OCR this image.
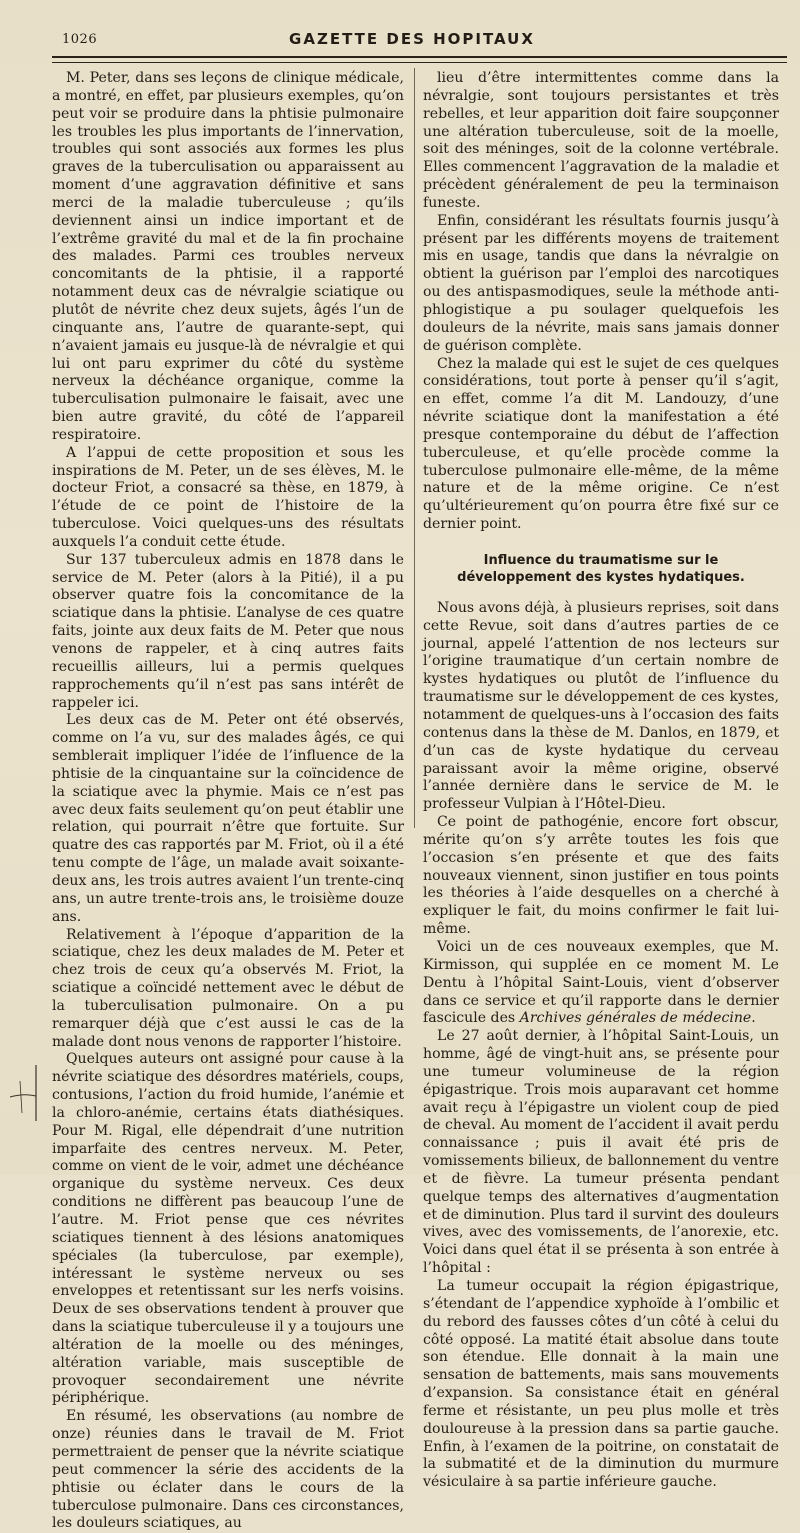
1026	GAZETTE DES HOPITAUX

M. Peter, dans ses leçons de clinique médicale, a montré, en effet, par plusieurs exemples, qu’on peut voir se produire dans la phtisie pulmonaire les troubles les plus importants de l’innervation, troubles qui sont associés aux formes les plus graves de la tuberculisation ou apparaissent au moment d’une aggravation définitive et sans merci de la maladie tuberculeuse ; qu’ils deviennent ainsi un indice important et de l’extrême gravité du mal et de la fin prochaine des malades. Parmi ces troubles nerveux concomitants de la phtisie, il a rapporté notamment deux cas de névralgie sciatique ou plutôt de névrite chez deux sujets, âgés l’un de cinquante ans, l’autre de quarante-sept, qui n’avaient jamais eu jusque-là de névralgie et qui lui ont paru exprimer du côté du système nerveux la déchéance organique, comme la tuberculisation pulmonaire le faisait, avec une bien autre gravité, du côté de l’appareil respiratoire.

A l’appui de cette proposition et sous les inspirations de M. Peter, un de ses élèves, M. le docteur Friot, a consacré sa thèse, en 1879, à l’étude de ce point de l’histoire de la tuberculose. Voici quelques-uns des résultats auxquels l’a conduit cette étude.

Sur 137 tuberculeux admis en 1878 dans le service de M. Peter (alors à la Pitié), il a pu observer quatre fois la concomitance de la sciatique dans la phtisie. L’analyse de ces quatre faits, jointe aux deux faits de M. Peter que nous venons de rappeler, et à cinq autres faits recueillis ailleurs, lui a permis quelques rapprochements qu’il n’est pas sans intérêt de rappeler ici.

Les deux cas de M. Peter ont été observés, comme on l’a vu, sur des malades âgés, ce qui semblerait impliquer l’idée de l’influence de la phtisie de la cinquantaine sur la coïncidence de la sciatique avec la phymie. Mais ce n’est pas avec deux faits seulement qu’on peut établir une relation, qui pourrait n’être que fortuite. Sur quatre des cas rapportés par M. Friot, où il a été tenu compte de l’âge, un malade avait soixante-deux ans, les trois autres avaient l’un trente-cinq ans, un autre trente-trois ans, le troisième douze ans.

Relativement à l’époque d’apparition de la sciatique, chez les deux malades de M. Peter et chez trois de ceux qu’a observés M. Friot, la sciatique a coïncidé nettement avec le début de la tuberculisation pulmonaire. On a pu remarquer déjà que c’est aussi le cas de la malade dont nous venons de rapporter l’histoire.

Quelques auteurs ont assigné pour cause à la névrite sciatique des désordres matériels, coups, contusions, l’action du froid humide, l’anémie et la chloro-anémie, certains états diathésiques. Pour M. Rigal, elle dépendrait d’une nutrition imparfaite des centres nerveux. M. Peter, comme on vient de le voir, admet une déchéance organique du système nerveux. Ces deux conditions ne diffèrent pas beaucoup l’une de l’autre. M. Friot pense que ces névrites sciatiques tiennent à des lésions anatomiques spéciales (la tuberculose, par exemple), intéressant le système nerveux ou ses enveloppes et retentissant sur les nerfs voisins. Deux de ses observations tendent à prouver que dans la sciatique tuberculeuse il y a toujours une altération de la moelle ou des méninges, altération variable, mais susceptible de provoquer secondairement une névrite périphérique.

En résumé, les observations (au nombre de onze) réunies dans le travail de M. Friot permettraient de penser que la névrite sciatique peut commencer la série des accidents de la phtisie ou éclater dans le cours de la tuberculose pulmonaire. Dans ces circonstances, les douleurs sciatiques, au

lieu d’être intermittentes comme dans la névralgie, sont toujours persistantes et très rebelles, et leur apparition doit faire soupçonner une altération tuberculeuse, soit de la moelle, soit des méninges, soit de la colonne vertébrale. Elles commencent l’aggravation de la maladie et précèdent généralement de peu la terminaison funeste.

Enfin, considérant les résultats fournis jusqu’à présent par les différents moyens de traitement mis en usage, tandis que dans la névralgie on obtient la guérison par l’emploi des narcotiques ou des antispasmodiques, seule la méthode anti-phlogistique a pu soulager quelquefois les douleurs de la névrite, mais sans jamais donner de guérison complète.

Chez la malade qui est le sujet de ces quelques considérations, tout porte à penser qu’il s’agit, en effet, comme l’a dit M. Landouzy, d’une névrite sciatique dont la manifestation a été presque contemporaine du début de l’affection tuberculeuse, et qu’elle procède comme la tuberculose pulmonaire elle-même, de la même nature et de la même origine. Ce n’est qu’ultérieurement qu’on pourra être fixé sur ce dernier point.

Influence du traumatisme sur le développement des kystes hydatiques.

Nous avons déjà, à plusieurs reprises, soit dans cette Revue, soit dans d’autres parties de ce journal, appelé l’attention de nos lecteurs sur l’origine traumatique d’un certain nombre de kystes hydatiques ou plutôt de l’influence du traumatisme sur le développement de ces kystes, notamment de quelques-uns à l’occasion des faits contenus dans la thèse de M. Danlos, en 1879, et d’un cas de kyste hydatique du cerveau paraissant avoir la même origine, observé l’année dernière dans le service de M. le professeur Vulpian à l’Hôtel-Dieu.

Ce point de pathogénie, encore fort obscur, mérite qu’on s’y arrête toutes les fois que l’occasion s’en présente et que des faits nouveaux viennent, sinon justifier en tous points les théories à l’aide desquelles on a cherché à expliquer le fait, du moins confirmer le fait lui-même.

Voici un de ces nouveaux exemples, que M. Kirmisson, qui supplée en ce moment M. Le Dentu à l’hôpital Saint-Louis, vient d’observer dans ce service et qu’il rapporte dans le dernier fascicule des Archives générales de médecine.

Le 27 août dernier, à l’hôpital Saint-Louis, un homme, âgé de vingt-huit ans, se présente pour une tumeur volumineuse de la région épigastrique. Trois mois auparavant cet homme avait reçu à l’épigastre un violent coup de pied de cheval. Au moment de l’accident il avait perdu connaissance ; puis il avait été pris de vomissements bilieux, de ballonnement du ventre et de fièvre. La tumeur présenta pendant quelque temps des alternatives d’augmentation et de diminution. Plus tard il survint des douleurs vives, avec des vomissements, de l’anorexie, etc. Voici dans quel état il se présenta à son entrée à l’hôpital :

La tumeur occupait la région épigastrique, s’étendant de l’appendice xyphoïde à l’ombilic et du rebord des fausses côtes d’un côté à celui du côté opposé. La matité était absolue dans toute son étendue. Elle donnait à la main une sensation de battements, mais sans mouvements d’expansion. Sa consistance était en général ferme et résistante, un peu plus molle et très douloureuse à la pression dans sa partie gauche. Enfin, à l’examen de la poitrine, on constatait de la submatité et de la diminution du murmure vésiculaire à sa partie inférieure gauche.
